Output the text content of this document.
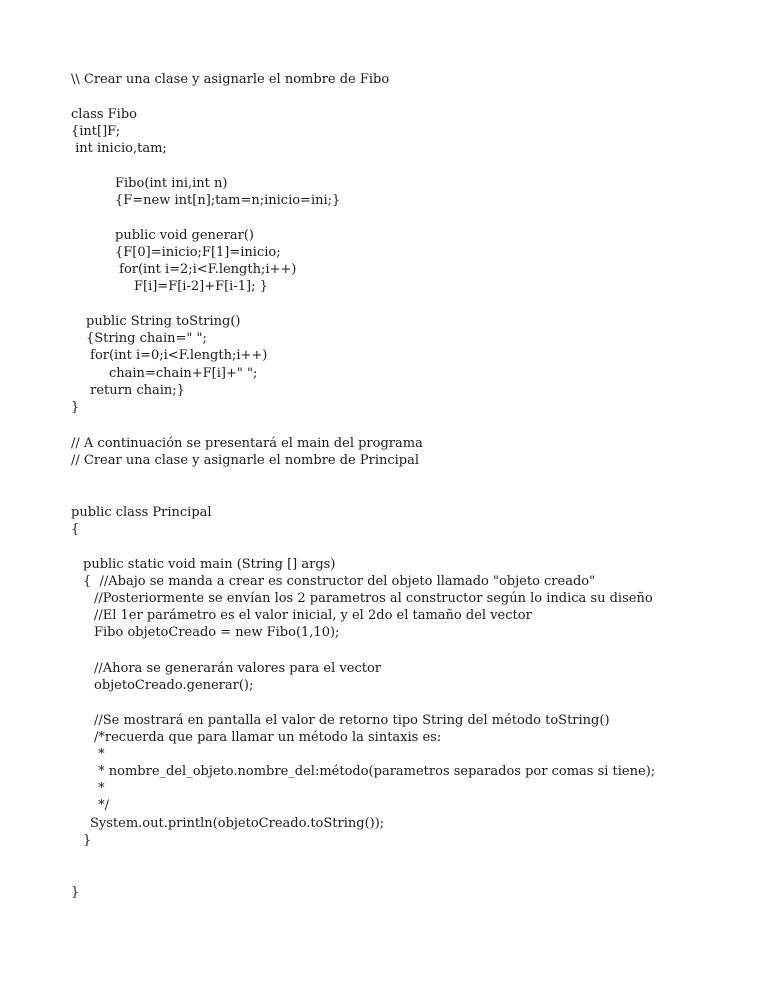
\\ Crear una clase y asignarle el nombre de Fibo
class Fibo
{int[]F;
int inicio,tam;
Fibo(int ini,int n)
{F=new int[n];tam=n;inicio=ini;}
public void generar()
{F[0]=inicio;F[1]=inicio;
for(int i=2;i<F.length;i++)
F[i]=F[i-2]+F[i-1]; }
public String toString()
{String chain=" ";
for(int i=0;i<F.length;i++)
chain=chain+F[i]+" ";
return chain;}
}
// A continuación se presentará el main del programa
// Crear una clase y asignarle el nombre de Principal
public class Principal
{
public static void main (String [] args)
{  //Abajo se manda a crear es constructor del objeto llamado "objeto creado"
//Posteriormente se envían los 2 parametros al constructor según lo indica su diseño
//El 1er parámetro es el valor inicial, y el 2do el tamaño del vector
Fibo objetoCreado = new Fibo(1,10);
//Ahora se generarán valores para el vector
objetoCreado.generar();
//Se mostrará en pantalla el valor de retorno tipo String del método toString()
/*recuerda que para llamar un método la sintaxis es:
*
* nombre_del_objeto.nombre_del:método(parametros separados por comas si tiene);
*
*/
System.out.println(objetoCreado.toString());
}
}
